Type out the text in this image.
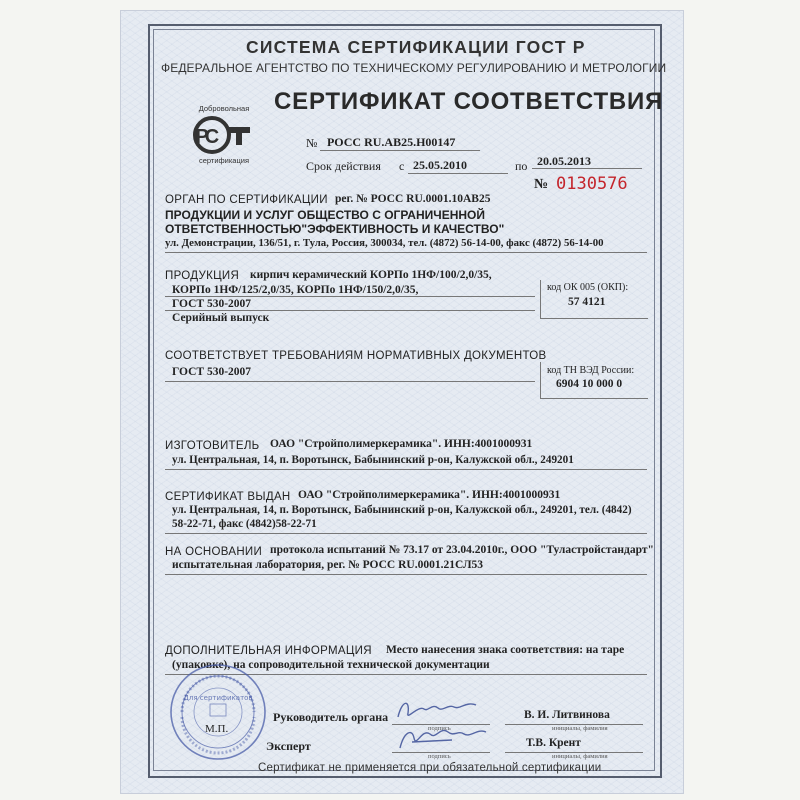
СИСТЕМА СЕРТИФИКАЦИИ ГОСТ Р
ФЕДЕРАЛЬНОЕ АГЕНТСТВО ПО ТЕХНИЧЕСКОМУ РЕГУЛИРОВАНИЮ И МЕТРОЛОГИИ
СЕРТИФИКАТ СООТВЕТСТВИЯ
Добровольная
С
Р
сертификация
№ РОСС RU.AB25.H00147
Срок действия с 25.05.2010	по 20.05.2013
№ 0130576
ОРГАН ПО СЕРТИФИКАЦИИ рег. № РОСС RU.0001.10AB25
ПРОДУКЦИИ И УСЛУГ ОБЩЕСТВО С ОГРАНИЧЕННОЙ
ОТВЕТСТВЕННОСТЬЮ"ЭФФЕКТИВНОСТЬ И КАЧЕСТВО"
ул. Демонстрации, 136/51, г. Тула, Россия, 300034, тел. (4872) 56-14-00, факс (4872) 56-14-00
ПРОДУКЦИЯ кирпич керамический КОРПо 1НФ/100/2,0/35,
КОРПо 1НФ/125/2,0/35, КОРПо 1НФ/150/2,0/35,
ГОСТ 530-2007
Серийный выпуск
код ОК 005 (ОКП):
57 4121
СООТВЕТСТВУЕТ ТРЕБОВАНИЯМ НОРМАТИВНЫХ ДОКУМЕНТОВ
ГОСТ 530-2007	код ТН ВЭД России:
6904 10 000 0
ИЗГОТОВИТЕЛЬ ОАО "Стройполимеркерамика". ИНН:4001000931
ул. Центральная, 14, п. Воротынск, Бабынинский р-он, Калужской обл., 249201
СЕРТИФИКАТ ВЫДАН ОАО "Стройполимеркерамика". ИНН:4001000931
ул. Центральная, 14, п. Воротынск, Бабынинский р-он, Калужской обл., 249201, тел. (4842)
58-22-71, факс (4842)58-22-71
НА ОСНОВАНИИ протокола испытаний № 73.17 от 23.04.2010г., ООО "Туластройстандарт"
испытательная лаборатория, рег. № РОСС RU.0001.21СЛ53
ДОПОЛНИТЕЛЬНАЯ ИНФОРМАЦИЯ Место нанесения знака соответствия: на таре
(упаковке), на сопроводительной технической документации
Для сертификатов
М.П.
Руководитель органа
подпись
В. И. Литвинова
инициалы, фамилия
Эксперт
подпись
Т.В. Крент
инициалы, фамилия
Сертификат не применяется при обязательной сертификации
